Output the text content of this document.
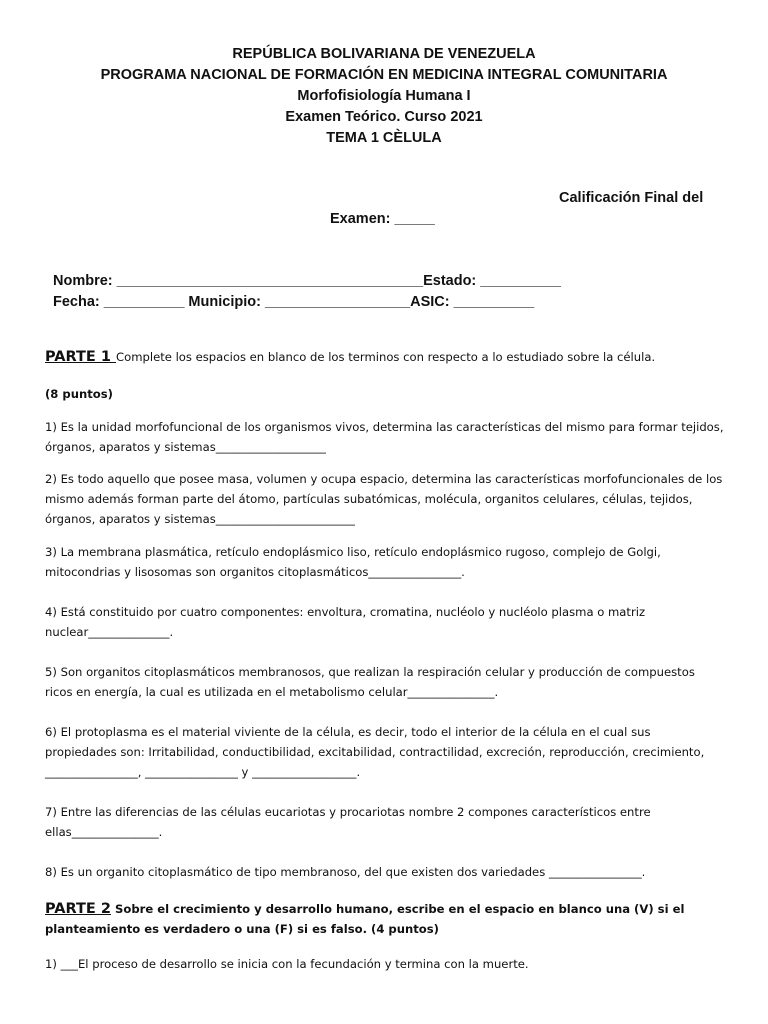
REPÚBLICA BOLIVARIANA DE VENEZUELA
PROGRAMA NACIONAL DE FORMACIÓN EN MEDICINA INTEGRAL COMUNITARIA
Morfofisiología Humana I
Examen Teórico. Curso 2021
TEMA 1 CÈLULA
Calificación Final del
Examen: _____
Nombre: ______________________________________Estado: __________
Fecha: __________ Municipio: __________________ASIC: __________
PARTE 1 Complete los espacios en blanco de los terminos con respecto a lo estudiado sobre la célula.
(8 puntos)
1) Es la unidad morfofuncional de los organismos vivos, determina las características del mismo para formar tejidos, órganos, aparatos y sistemas___________________
2) Es todo aquello que posee masa, volumen y ocupa espacio, determina las características morfofuncionales de los mismo además forman parte del átomo, partículas subatómicas, molécula, organitos celulares, células, tejidos, órganos, aparatos y sistemas________________________
3) La membrana plasmática, retículo endoplásmico liso, retículo endoplásmico rugoso, complejo de Golgi, mitocondrias y lisosomas son organitos citoplasmáticos________________.
4) Está constituido por cuatro componentes: envoltura, cromatina, nucléolo y nucléolo plasma o matriz nuclear______________.
5) Son organitos citoplasmáticos membranosos, que realizan la respiración celular y producción de compuestos ricos en energía, la cual es utilizada en el metabolismo celular_______________.
6) El protoplasma es el material viviente de la célula, es decir, todo el interior de la célula en el cual sus propiedades son: Irritabilidad, conductibilidad, excitabilidad, contractilidad, excreción, reproducción, crecimiento, ________________, ________________ y __________________.
7) Entre las diferencias de las células eucariotas y procariotas nombre 2 compones característicos entre ellas_______________.
8) Es un organito citoplasmático de tipo membranoso, del que existen dos variedades ________________.
PARTE 2 Sobre el crecimiento y desarrollo humano, escribe en el espacio en blanco una (V) si el planteamiento es verdadero o una (F) si es falso. (4 puntos)
1) ___El proceso de desarrollo se inicia con la fecundación y termina con la muerte.
